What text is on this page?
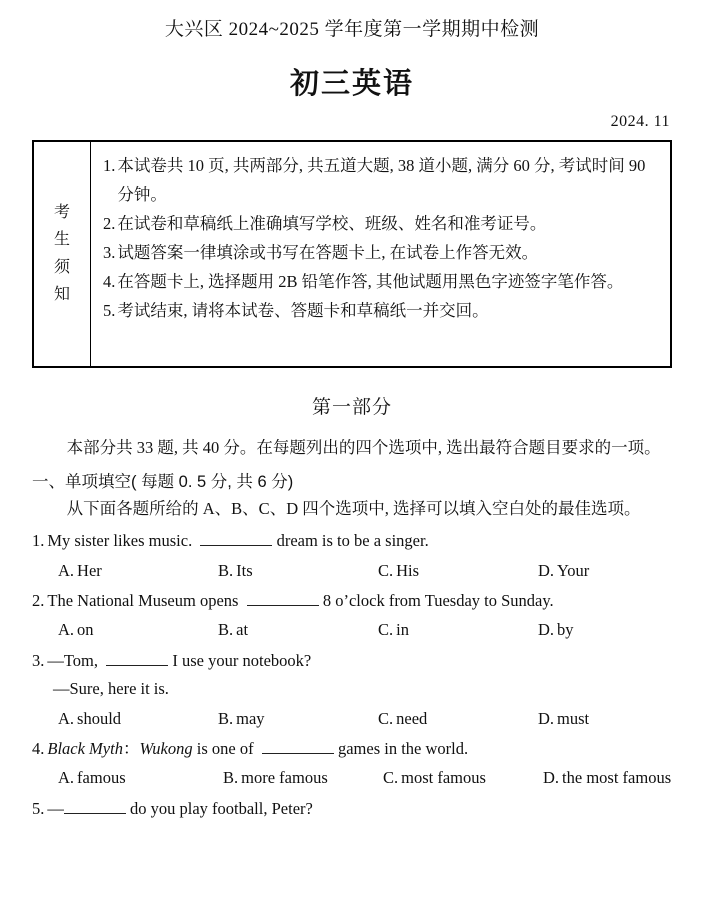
大兴区 2024~2025 学年度第一学期期中检测
初三英语
2024. 11
考
生
须
知
1. 本试卷共 10 页, 共两部分, 共五道大题, 38 道小题, 满分 60 分, 考试时间 90 分钟。
2. 在试卷和草稿纸上准确填写学校、班级、姓名和准考证号。
3. 试题答案一律填涂或书写在答题卡上, 在试卷上作答无效。
4. 在答题卡上, 选择题用 2B 铅笔作答, 其他试题用黑色字迹签字笔作答。
5. 考试结束, 请将本试卷、答题卡和草稿纸一并交回。
第一部分
本部分共 33 题, 共 40 分。在每题列出的四个选项中, 选出最符合题目要求的一项。
一、单项填空( 每题 0. 5 分, 共 6 分)
从下面各题所给的 A、B、C、D 四个选项中, 选择可以填入空白处的最佳选项。
1. My sister likes music.	dream is to be a singer.
A. Her	B. Its	C. His	D. Your
2. The National Museum opens	8 o’clock from Tuesday to Sunday.
A. on	B. at	C. in	D. by
3. —Tom,	I use your notebook?
—Sure, here it is.
A. should	B. may	C. need	D. must
4. Black Myth：Wukong is one of	games in the world.
A. famous	B. more famous	C. most famous	D. the most famous
5. —	do you play football, Peter?
